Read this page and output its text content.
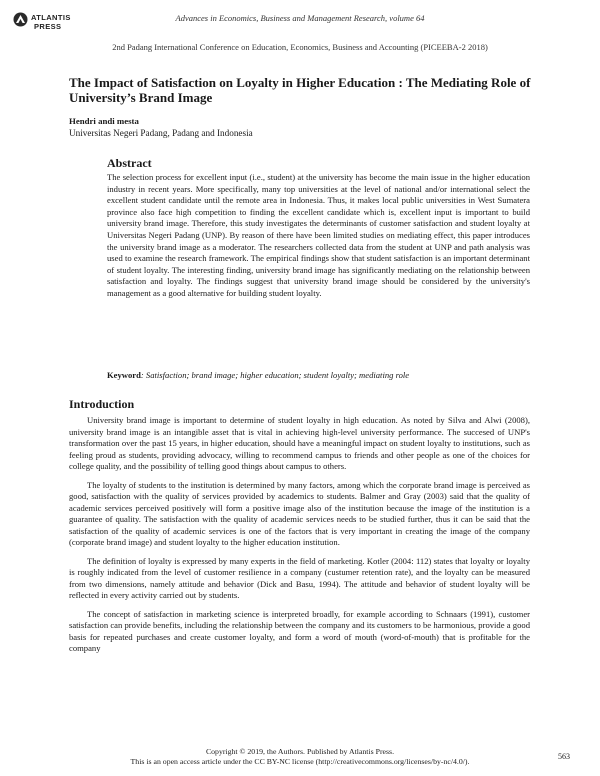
ATLANTIS
PRESS
Advances in Economics, Business and Management Research, volume 64
2nd Padang International Conference on Education, Economics, Business and Accounting (PICEEBA-2 2018)
The Impact of Satisfaction on Loyalty in Higher Education : The Mediating Role of University’s Brand Image
Hendri andi mesta
Universitas Negeri Padang, Padang and Indonesia
Abstract
The selection process for excellent input (i.e., student) at the university has become the main issue in the higher education industry in recent years. More specifically, many top universities at the level of national and/or international select the excellent student candidate until the remote area in Indonesia. Thus, it makes local public universities in West Sumatera province also face high competition to finding the excellent candidate which is, excellent input is important to build university brand image. Therefore, this study investigates the determinants of customer satisfaction and student loyalty at Universitas Negeri Padang (UNP). By reason of there have been limited studies on mediating effect, this paper introduces the university brand image as a moderator. The researchers collected data from the student at UNP and path analysis was used to examine the research framework. The empirical findings show that student satisfaction is an important determinant of student loyalty. The interesting finding, university brand image has significantly mediating on the relationship between satisfaction and loyalty. The findings suggest that university brand image should be considered by the university's management as a good alternative for building student loyalty.
Keyword: Satisfaction; brand image; higher education; student loyalty; mediating role
Introduction

University brand image is important to determine of student loyalty in high education. As noted by Silva and Alwi (2008), university brand image is an intangible asset that is vital in achieving high-level university performance. The succesed of UNP's transformation over the past 15 years, in higher education, should have a meaningful impact on student loyalty to institutions, such as feeling proud as students, providing advocacy, willing to recommend campus to friends and other people as one of the choices for college quality, and the possibility of telling good things about campus to others.

The loyalty of students to the institution is determined by many factors, among which the corporate brand image is perceived as good, satisfaction with the quality of services provided by academics to students. Balmer and Gray (2003) said that the quality of academic services perceived positively will form a positive image also of the institution because the image of the institution is a guarantee of quality. The satisfaction with the quality of academic services needs to be studied further, thus it can be said that the satisfaction of the quality of academic services is one of the factors that is very important in creating the image of the company (corporate brand image) and student loyalty to the higher education institution.

The definition of loyalty is expressed by many experts in the field of marketing. Kotler (2004: 112) states that loyalty or loyalty is roughly indicated from the level of customer resilience in a company (custumer retention rate), and the loyalty can be measured from two dimensions, namely attitude and behavior (Dick and Basu, 1994). The attitude and behavior of student loyalty will be reflected in every activity carried out by students.

The concept of satisfaction in marketing science is interpreted broadly, for example according to Schnaars (1991), customer satisfaction can provide benefits, including the relationship between the company and its customers to be harmonious, provide a good basis for repeated purchases and create customer loyalty, and form a word of mouth (word-of-mouth) that is profitable for the company

Copyright © 2019, the Authors. Published by Atlantis Press.
This is an open access article under the CC BY-NC license (http://creativecommons.org/licenses/by-nc/4.0/).
563
